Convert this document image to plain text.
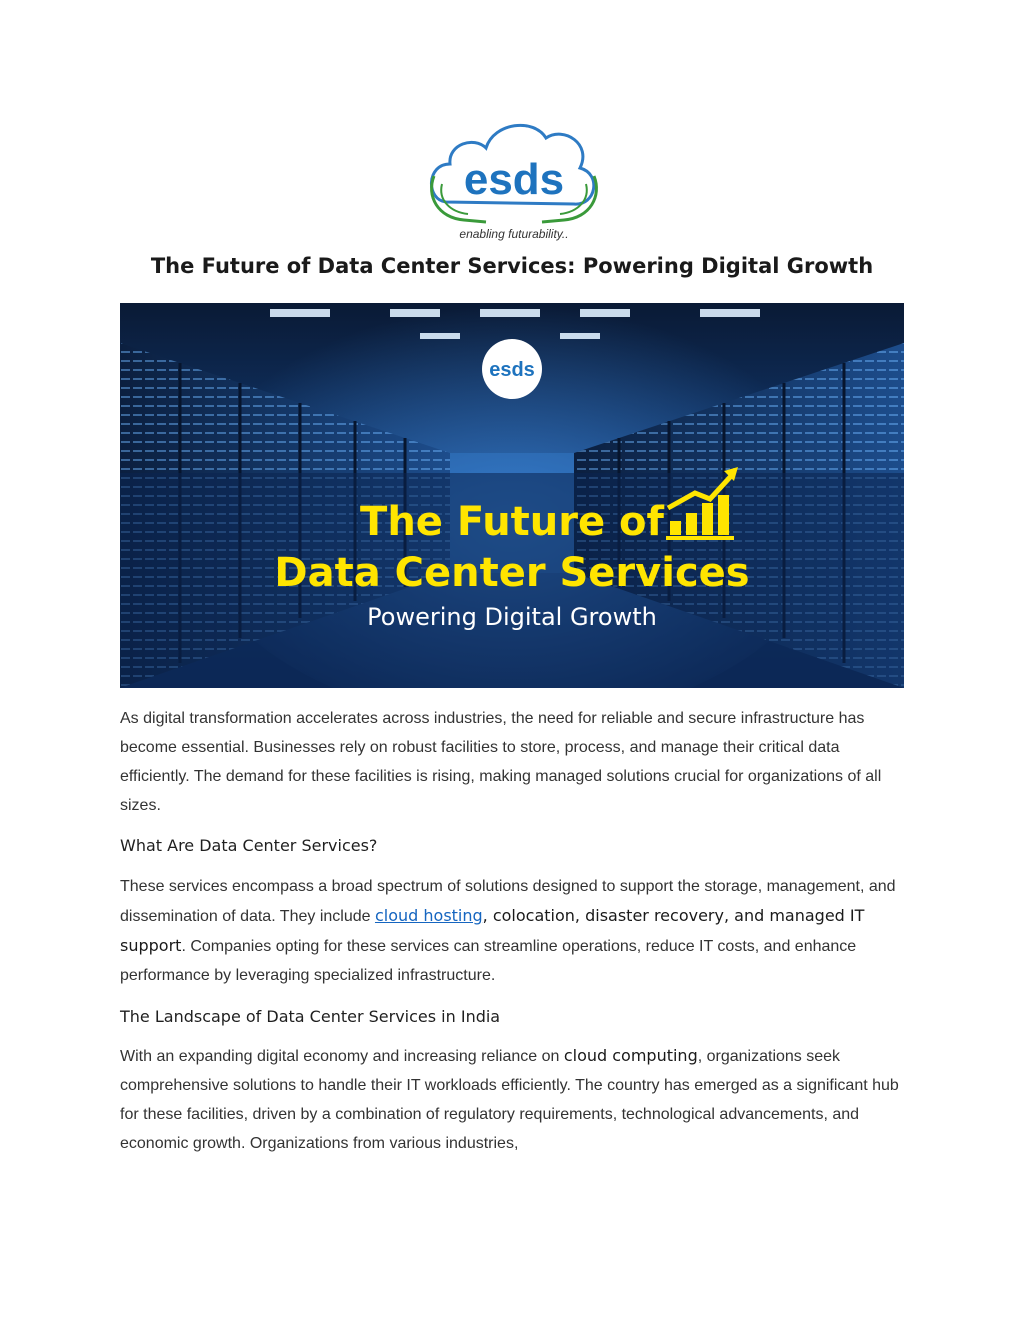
esds
enabling futurability..
The Future of Data Center Services: Powering Digital Growth
esds
The Future of
Data Center Services
Powering Digital Growth

As digital transformation accelerates across industries, the need for reliable and secure infrastructure has become essential. Businesses rely on robust facilities to store, process, and manage their critical data efficiently. The demand for these facilities is rising, making managed solutions crucial for organizations of all sizes.

What Are Data Center Services?

These services encompass a broad spectrum of solutions designed to support the storage, management, and dissemination of data. They include cloud hosting, colocation, disaster recovery, and managed IT support. Companies opting for these services can streamline operations, reduce IT costs, and enhance performance by leveraging specialized infrastructure.

The Landscape of Data Center Services in India

With an expanding digital economy and increasing reliance on cloud computing, organizations seek comprehensive solutions to handle their IT workloads efficiently. The country has emerged as a significant hub for these facilities, driven by a combination of regulatory requirements, technological advancements, and economic growth. Organizations from various industries,
